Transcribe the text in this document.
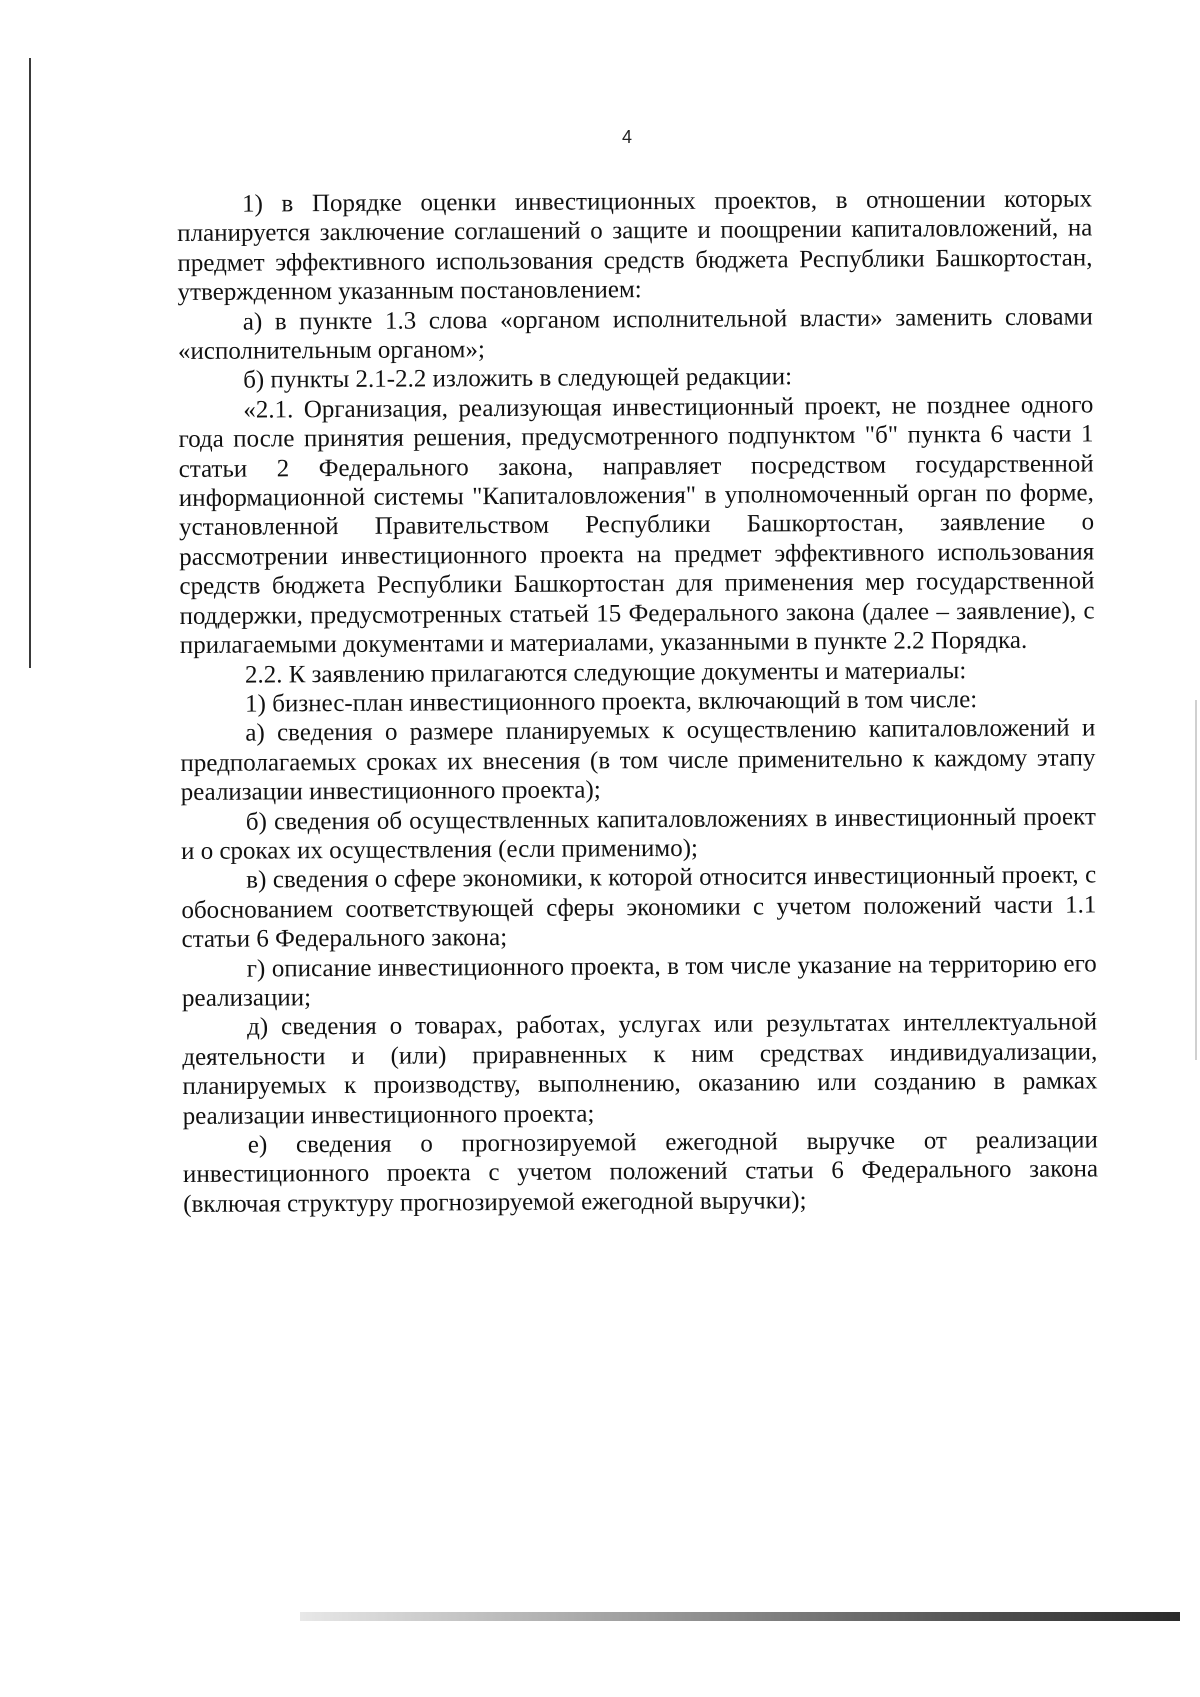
4

1) в Порядке оценки инвестиционных проектов, в отношении которых планируется заключение соглашений о защите и поощрении капиталовложений, на предмет эффективного использования средств бюджета Республики Башкортостан, утвержденном указанным постановлением:

а) в пункте 1.3 слова «органом исполнительной власти» заменить словами «исполнительным органом»;

б) пункты 2.1-2.2 изложить в следующей редакции:

«2.1. Организация, реализующая инвестиционный проект, не позднее одного года после принятия решения, предусмотренного подпунктом "б" пункта 6 части 1 статьи 2 Федерального закона, направляет посредством государственной информационной системы "Капиталовложения" в уполномоченный орган по форме, установленной Правительством Республики Башкортостан, заявление о рассмотрении инвестиционного проекта на предмет эффективного использования средств бюджета Республики Башкортостан для применения мер государственной поддержки, предусмотренных статьей 15 Федерального закона (далее – заявление), с прилагаемыми документами и материалами, указанными в пункте 2.2 Порядка.

2.2. К заявлению прилагаются следующие документы и материалы:

1) бизнес-план инвестиционного проекта, включающий в том числе:

а) сведения о размере планируемых к осуществлению капиталовложений и предполагаемых сроках их внесения (в том числе применительно к каждому этапу реализации инвестиционного проекта);

б) сведения об осуществленных капиталовложениях в инвестиционный проект и о сроках их осуществления (если применимо);

в) сведения о сфере экономики, к которой относится инвестиционный проект, с обоснованием соответствующей сферы экономики с учетом положений части 1.1 статьи 6 Федерального закона;

г) описание инвестиционного проекта, в том числе указание на территорию его реализации;

д) сведения о товарах, работах, услугах или результатах интеллектуальной деятельности и (или) приравненных к ним средствах индивидуализации, планируемых к производству, выполнению, оказанию или созданию в рамках реализации инвестиционного проекта;

е) сведения о прогнозируемой ежегодной выручке от реализации инвестиционного проекта с учетом положений статьи 6 Федерального закона (включая структуру прогнозируемой ежегодной выручки);
